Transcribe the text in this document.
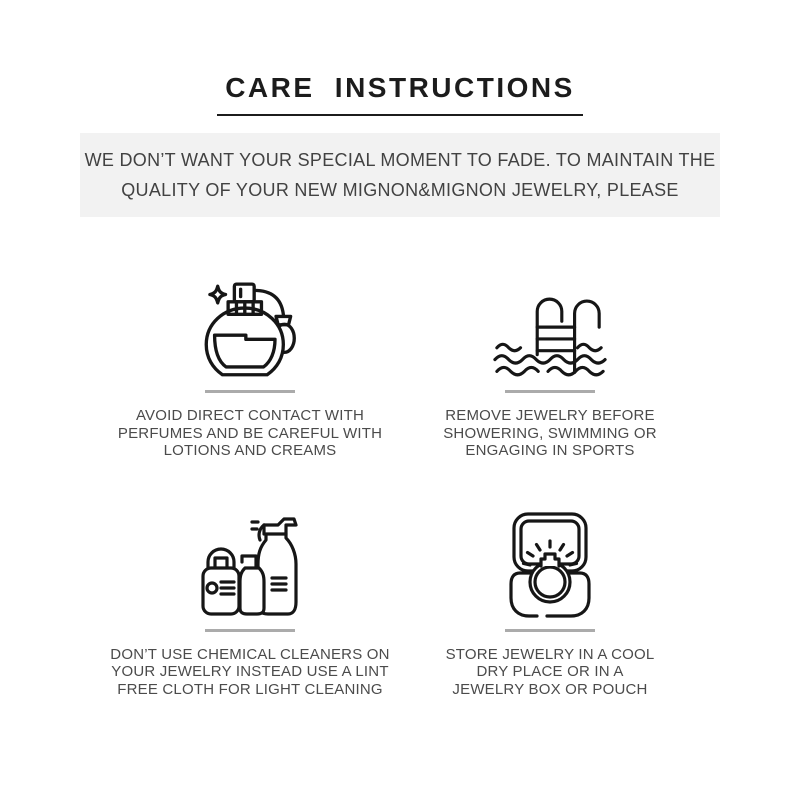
CARE INSTRUCTIONS
WE DON’T WANT YOUR SPECIAL MOMENT TO FADE. TO MAINTAIN THE
QUALITY OF YOUR NEW MIGNON&MIGNON JEWELRY, PLEASE
AVOID DIRECT CONTACT WITH
PERFUMES AND BE CAREFUL WITH
LOTIONS AND CREAMS
REMOVE JEWELRY BEFORE
SHOWERING, SWIMMING OR
ENGAGING IN SPORTS
DON’T USE CHEMICAL CLEANERS ON
YOUR JEWELRY INSTEAD USE A LINT
FREE CLOTH FOR LIGHT CLEANING
STORE JEWELRY IN A COOL
DRY PLACE OR IN A
JEWELRY BOX OR POUCH
